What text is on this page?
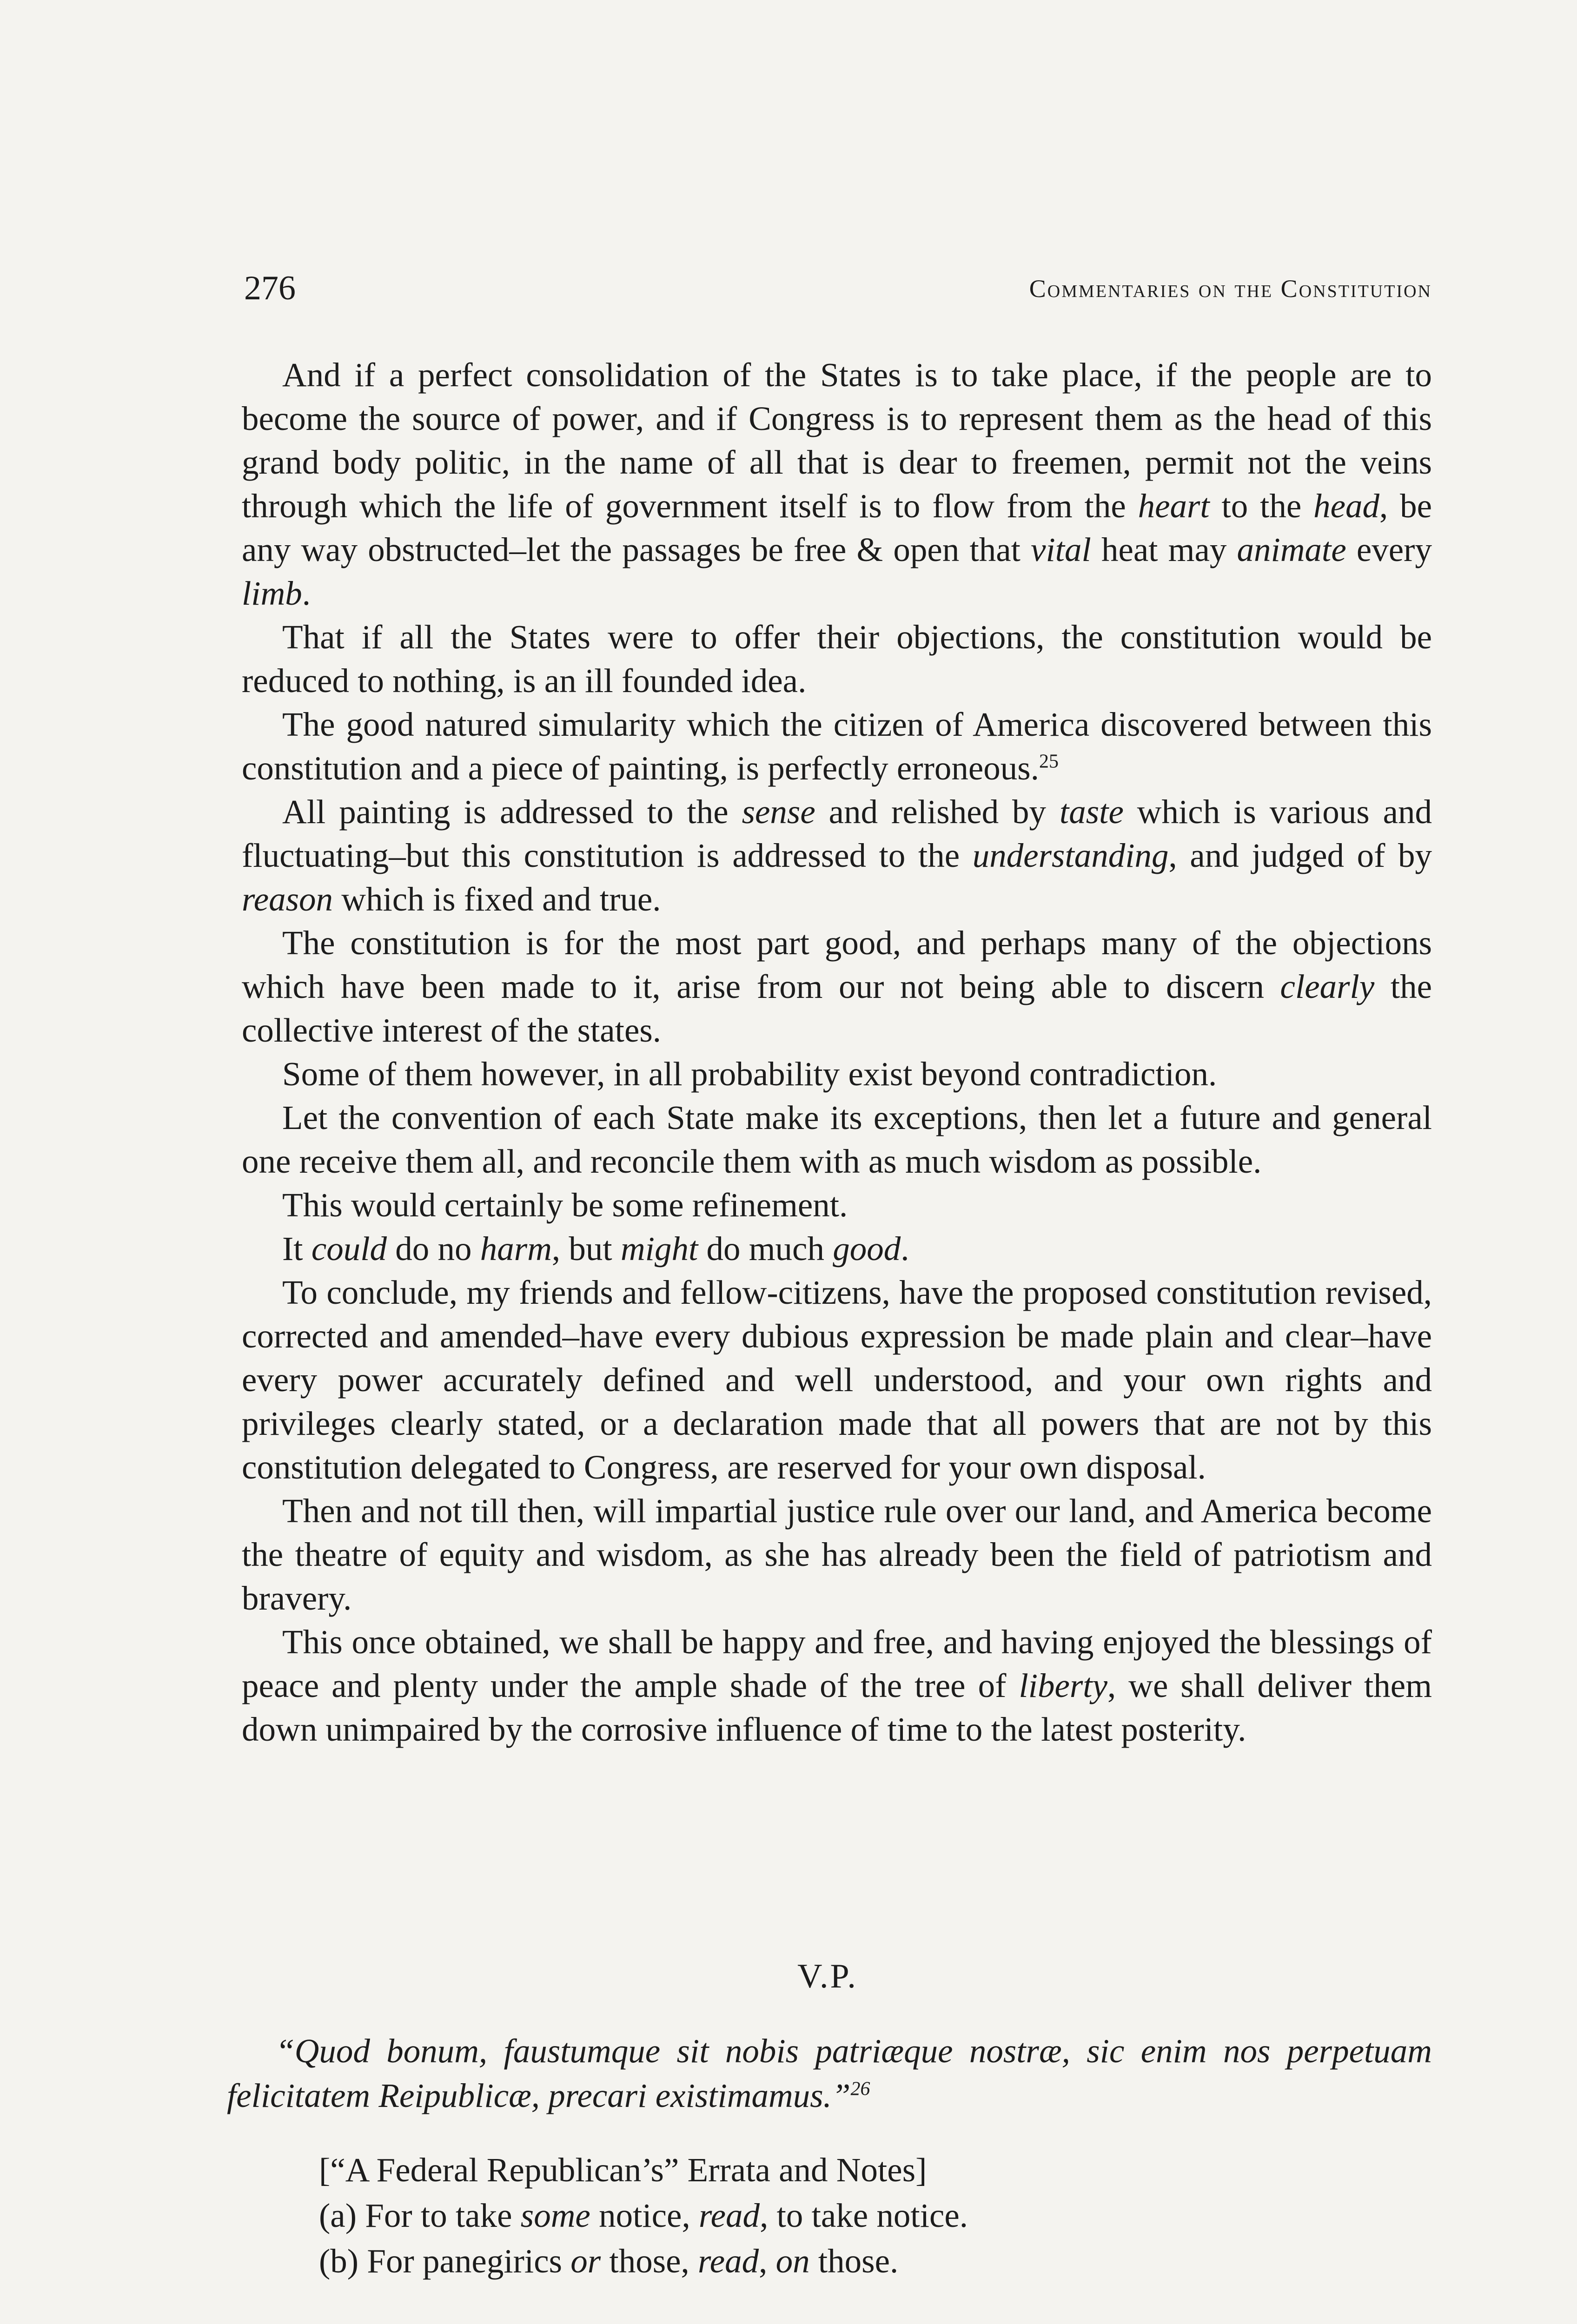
276	Commentaries on the Constitution

And if a perfect consolidation of the States is to take place, if the people are to become the source of power, and if Congress is to represent them as the head of this grand body politic, in the name of all that is dear to freemen, permit not the veins through which the life of government itself is to flow from the heart to the head, be any way obstructed–let the passages be free & open that vital heat may animate every limb.

That if all the States were to offer their objections, the constitution would be reduced to nothing, is an ill founded idea.

The good natured simularity which the citizen of America discovered between this constitution and a piece of painting, is perfectly erroneous.$^{25}$

All painting is addressed to the sense and relished by taste which is various and fluctuating–but this constitution is addressed to the understanding, and judged of by reason which is fixed and true.

The constitution is for the most part good, and perhaps many of the objections which have been made to it, arise from our not being able to discern clearly the collective interest of the states.

Some of them however, in all probability exist beyond contradiction.

Let the convention of each State make its exceptions, then let a future and general one receive them all, and reconcile them with as much wisdom as possible.

This would certainly be some refinement.

It could do no harm, but might do much good.

To conclude, my friends and fellow-citizens, have the proposed constitution revised, corrected and amended–have every dubious expression be made plain and clear–have every power accurately defined and well understood, and your own rights and privileges clearly stated, or a declaration made that all powers that are not by this constitution delegated to Congress, are reserved for your own disposal.

Then and not till then, will impartial justice rule over our land, and America become the theatre of equity and wisdom, as she has already been the field of patriotism and bravery.

This once obtained, we shall be happy and free, and having enjoyed the blessings of peace and plenty under the ample shade of the tree of liberty, we shall deliver them down unimpaired by the corrosive influence of time to the latest posterity.

V.P.
“Quod bonum, faustumque sit nobis patriæque nostræ, sic enim nos perpetuam felicitatem Reipublicæ, precari existimamus.”$^{26}$
[“A Federal Republican’s” Errata and Notes]
(a) For to take some notice, read, to take notice.
(b) For panegirics or those, read, on those.
